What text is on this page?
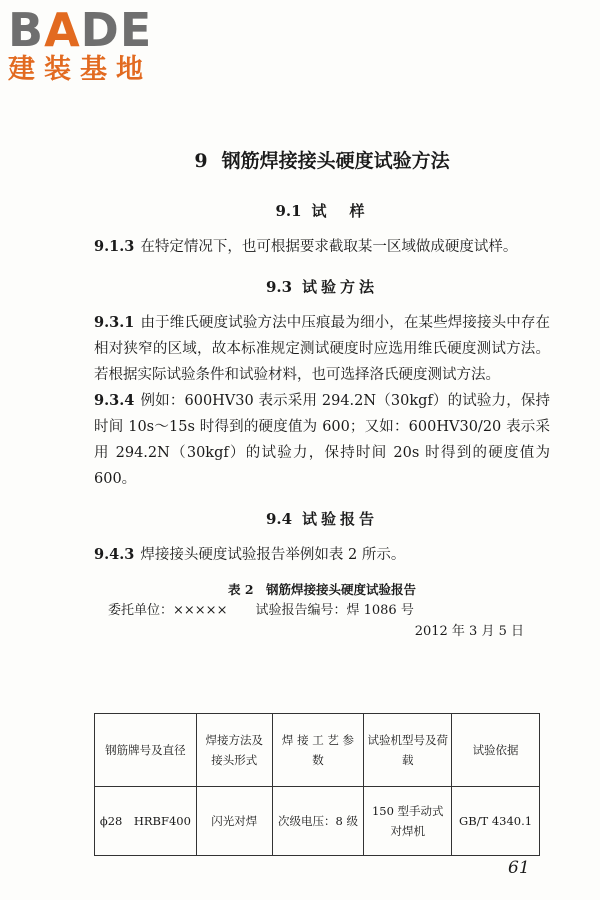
BADE
建装基地
9 钢筋焊接接头硬度试验方法
9.1 试　样

9.1.3 在特定情况下，也可根据要求截取某一区域做成硬度试样。

9.3 试验方法

9.3.1 由于维氏硬度试验方法中压痕最为细小，在某些焊接接头中存在相对狭窄的区域，故本标准规定测试硬度时应选用维氏硬度测试方法。若根据实际试验条件和试验材料，也可选择洛氏硬度测试方法。

9.3.4 例如：600HV30 表示采用 294.2N（30kgf）的试验力，保持时间 10s～15s 时得到的硬度值为 600；又如：600HV30/20 表示采用 294.2N（30kgf）的试验力，保持时间 20s 时得到的硬度值为 600。

9.4 试验报告

9.4.3 焊接接头硬度试验报告举例如表 2 所示。

表 2　钢筋焊接接头硬度试验报告
委托单位：××××× 试验报告编号：焊 1086 号
2012 年 3 月 5 日
钢筋牌号及直径	焊接方法及接头形式	焊 接 工 艺 参 数	试验机型号及荷载	试验依据
ϕ28　HRBF400	闪光对焊	次级电压：8 级	150 型手动式对焊机	GB/T 4340.1
61
